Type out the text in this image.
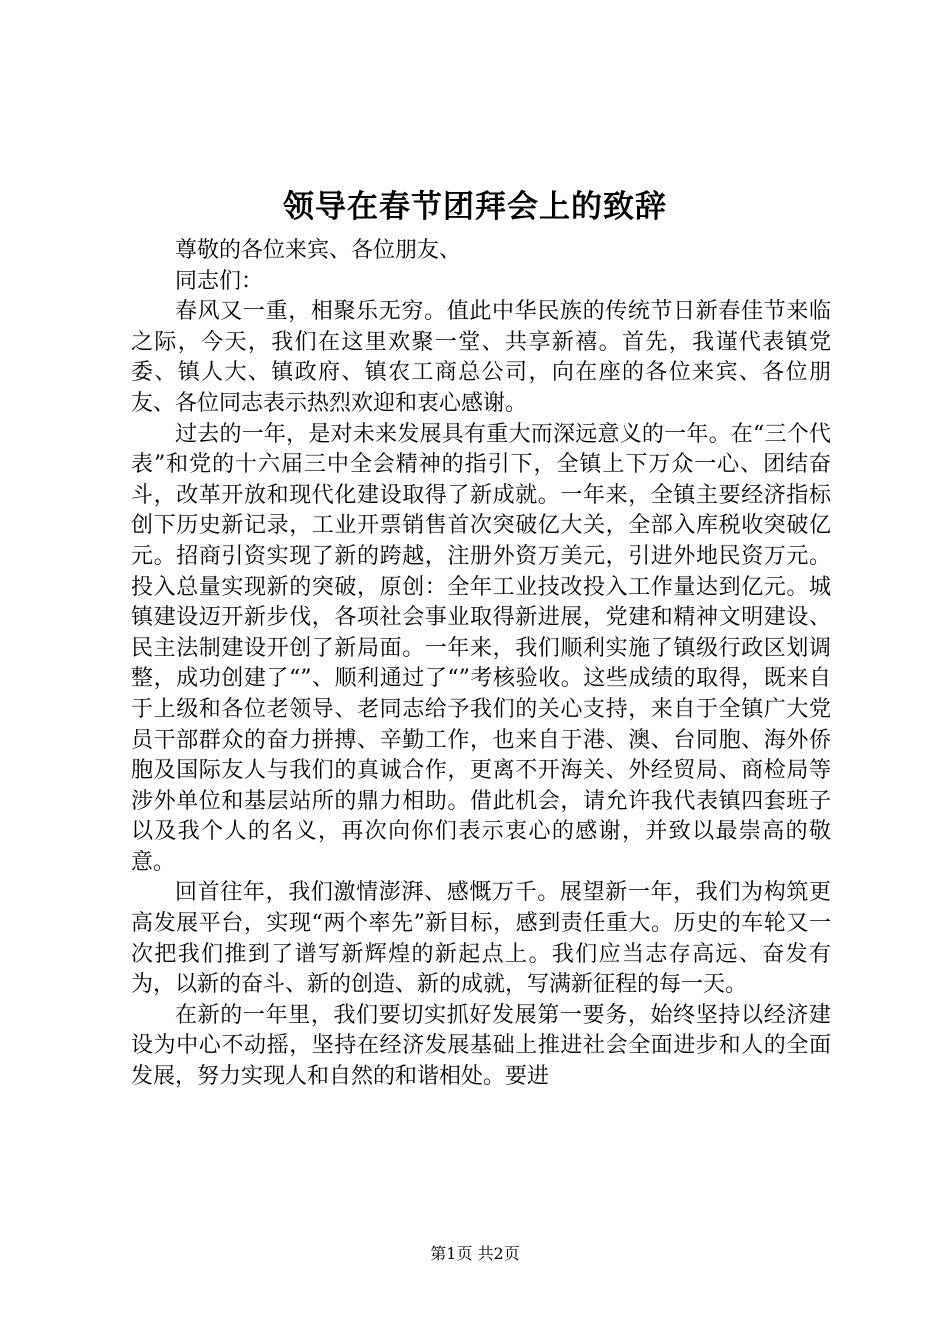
领导在春节团拜会上的致辞

尊敬的各位来宾、各位朋友、

同志们：

春风又一重，相聚乐无穷。值此中华民族的传统节日新春佳节来临之际，今天，我们在这里欢聚一堂、共享新禧。首先，我谨代表镇党委、镇人大、镇政府、镇农工商总公司，向在座的各位来宾、各位朋友、各位同志表示热烈欢迎和衷心感谢。

过去的一年，是对未来发展具有重大而深远意义的一年。在“三个代表”和党的十六届三中全会精神的指引下，全镇上下万众一心、团结奋斗，改革开放和现代化建设取得了新成就。一年来，全镇主要经济指标创下历史新记录，工业开票销售首次突破亿大关，全部入库税收突破亿元。招商引资实现了新的跨越，注册外资万美元，引进外地民资万元。投入总量实现新的突破，原创：全年工业技改投入工作量达到亿元。城镇建设迈开新步伐，各项社会事业取得新进展，党建和精神文明建设、民主法制建设开创了新局面。一年来，我们顺利实施了镇级行政区划调整，成功创建了“”、顺利通过了“”考核验收。这些成绩的取得，既来自于上级和各位老领导、老同志给予我们的关心支持，来自于全镇广大党员干部群众的奋力拼搏、辛勤工作，也来自于港、澳、台同胞、海外侨胞及国际友人与我们的真诚合作，更离不开海关、外经贸局、商检局等涉外单位和基层站所的鼎力相助。借此机会，请允许我代表镇四套班子以及我个人的名义，再次向你们表示衷心的感谢，并致以最崇高的敬意。

回首往年，我们激情澎湃、感慨万千。展望新一年，我们为构筑更高发展平台，实现“两个率先”新目标，感到责任重大。历史的车轮又一次把我们推到了谱写新辉煌的新起点上。我们应当志存高远、奋发有为，以新的奋斗、新的创造、新的成就，写满新征程的每一天。

在新的一年里，我们要切实抓好发展第一要务，始终坚持以经济建设为中心不动摇，坚持在经济发展基础上推进社会全面进步和人的全面发展，努力实现人和自然的和谐相处。要进

第1页 共2页
